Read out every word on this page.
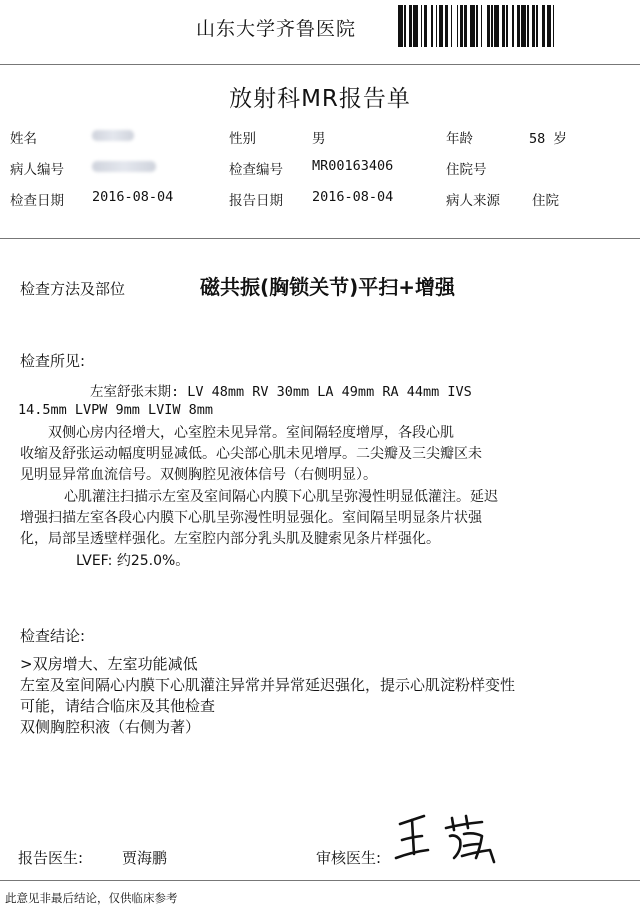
山东大学齐鲁医院
放射科MR报告单
姓名	性别	男	年龄	58 岁
病人编号	检查编号 MR00163406	住院号
检查日期 2016-08-04	报告日期 2016-08-04	病人来源 住院
检查方法及部位	磁共振(胸锁关节)平扫+增强
检查所见:
左室舒张末期: LV 48mm RV 30mm LA 49mm RA 44mm IVS
14.5mm LVPW 9mm LVIW 8mm
双侧心房内径增大，心室腔未见异常。室间隔轻度增厚，各段心肌
收缩及舒张运动幅度明显减低。心尖部心肌未见增厚。二尖瓣及三尖瓣区未
见明显异常血流信号。双侧胸腔见液体信号（右侧明显）。
心肌灌注扫描示左室及室间隔心内膜下心肌呈弥漫性明显低灌注。延迟
增强扫描左室各段心内膜下心肌呈弥漫性明显强化。室间隔呈明显条片状强
化，局部呈透壁样强化。左室腔内部分乳头肌及腱索见条片样强化。
LVEF: 约25.0%。
检查结论:
>双房增大、左室功能减低
左室及室间隔心内膜下心肌灌注异常并异常延迟强化，提示心肌淀粉样变性
可能，请结合临床及其他检查
双侧胸腔积液（右侧为著）
报告医生:	贾海鹏	审核医生:
此意见非最后结论，仅供临床参考
